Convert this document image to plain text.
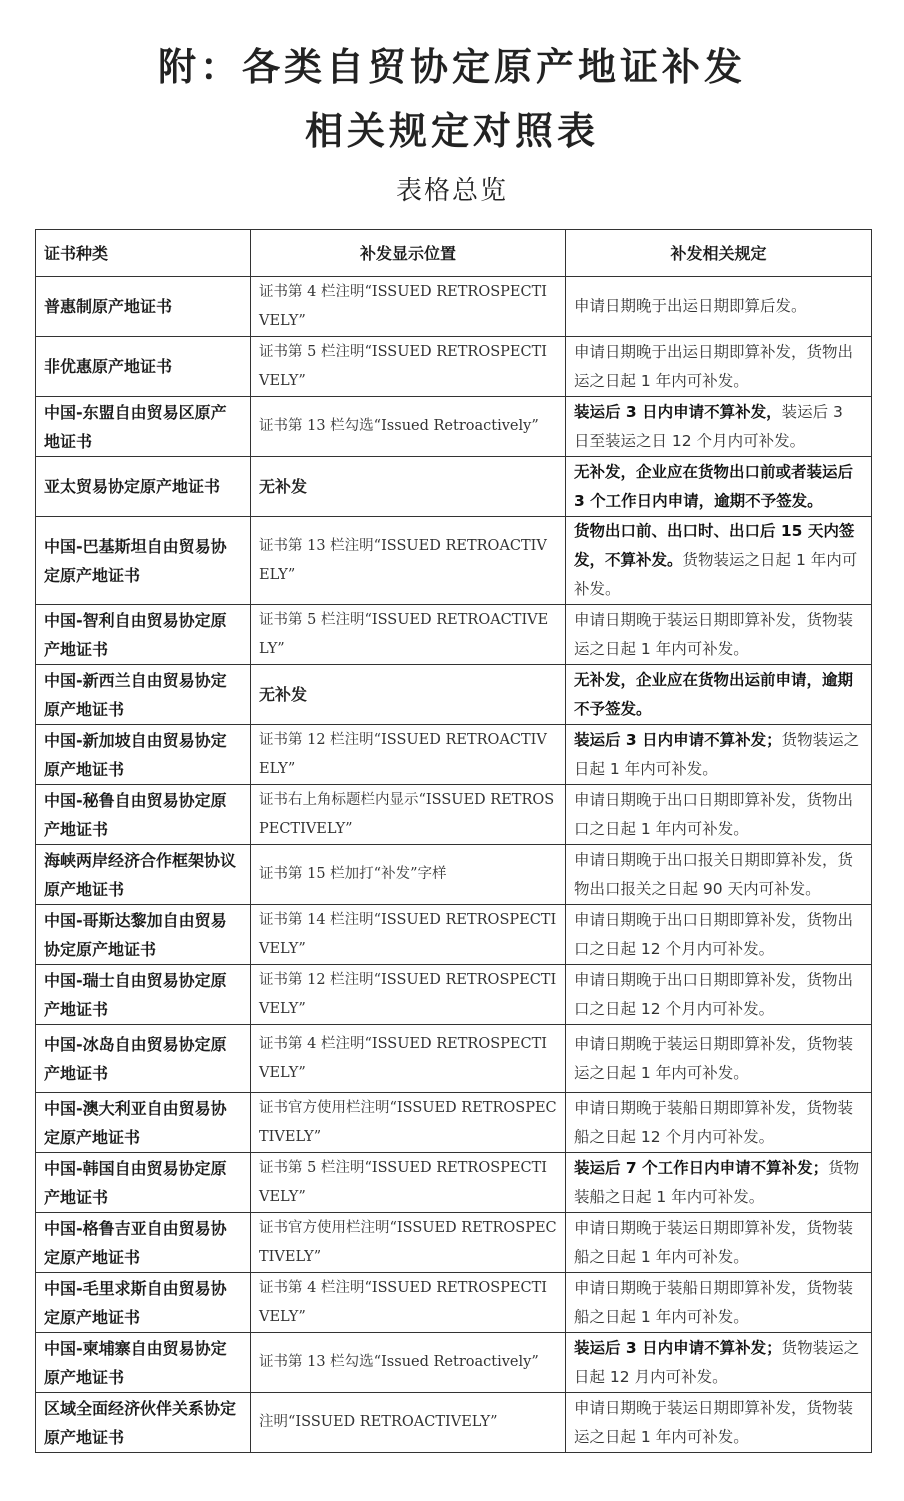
附：各类自贸协定原产地证补发
相关规定对照表
表格总览
证书种类	补发显示位置	补发相关规定
普惠制原产地证书	证书第 4 栏注明“ISSUED RETROSPECTIVELY”	申请日期晚于出运日期即算后发。
非优惠原产地证书	证书第 5 栏注明“ISSUED RETROSPECTIVELY”	申请日期晚于出运日期即算补发，货物出运之日起 1 年内可补发。
中国-东盟自由贸易区原产地证书	证书第 13 栏勾选“Issued Retroactively”	装运后 3 日内申请不算补发，装运后 3 日至装运之日 12 个月内可补发。
亚太贸易协定原产地证书	无补发	无补发，企业应在货物出口前或者装运后 3 个工作日内申请，逾期不予签发。
中国-巴基斯坦自由贸易协定原产地证书	证书第 13 栏注明“ISSUED RETROACTIVELY”	货物出口前、出口时、出口后 15 天内签发，不算补发。货物装运之日起 1 年内可补发。
中国-智利自由贸易协定原产地证书	证书第 5 栏注明“ISSUED RETROACTIVELY”	申请日期晚于装运日期即算补发，货物装运之日起 1 年内可补发。
中国-新西兰自由贸易协定原产地证书	无补发	无补发，企业应在货物出运前申请，逾期不予签发。
中国-新加坡自由贸易协定原产地证书	证书第 12 栏注明“ISSUED RETROACTIVELY”	装运后 3 日内申请不算补发；货物装运之日起 1 年内可补发。
中国-秘鲁自由贸易协定原产地证书	证书右上角标题栏内显示“ISSUED RETROSPECTIVELY”	申请日期晚于出口日期即算补发，货物出口之日起 1 年内可补发。
海峡两岸经济合作框架协议原产地证书	证书第 15 栏加打“补发”字样	申请日期晚于出口报关日期即算补发，货物出口报关之日起 90 天内可补发。
中国-哥斯达黎加自由贸易协定原产地证书	证书第 14 栏注明“ISSUED RETROSPECTIVELY”	申请日期晚于出口日期即算补发，货物出口之日起 12 个月内可补发。
中国-瑞士自由贸易协定原产地证书	证书第 12 栏注明“ISSUED RETROSPECTIVELY”	申请日期晚于出口日期即算补发，货物出口之日起 12 个月内可补发。
中国-冰岛自由贸易协定原产地证书	证书第 4 栏注明“ISSUED RETROSPECTIVELY”	申请日期晚于装运日期即算补发，货物装运之日起 1 年内可补发。
中国-澳大利亚自由贸易协定原产地证书	证书官方使用栏注明“ISSUED RETROSPECTIVELY”	申请日期晚于装船日期即算补发，货物装船之日起 12 个月内可补发。
中国-韩国自由贸易协定原产地证书	证书第 5 栏注明“ISSUED RETROSPECTIVELY”	装运后 7 个工作日内申请不算补发；货物装船之日起 1 年内可补发。
中国-格鲁吉亚自由贸易协定原产地证书	证书官方使用栏注明“ISSUED RETROSPECTIVELY”	申请日期晚于装运日期即算补发，货物装船之日起 1 年内可补发。
中国-毛里求斯自由贸易协定原产地证书	证书第 4 栏注明“ISSUED RETROSPECTIVELY”	申请日期晚于装船日期即算补发，货物装船之日起 1 年内可补发。
中国-柬埔寨自由贸易协定原产地证书	证书第 13 栏勾选“Issued Retroactively”	装运后 3 日内申请不算补发；货物装运之日起 12 月内可补发。
区域全面经济伙伴关系协定原产地证书	注明“ISSUED RETROACTIVELY”	申请日期晚于装运日期即算补发，货物装运之日起 1 年内可补发。
